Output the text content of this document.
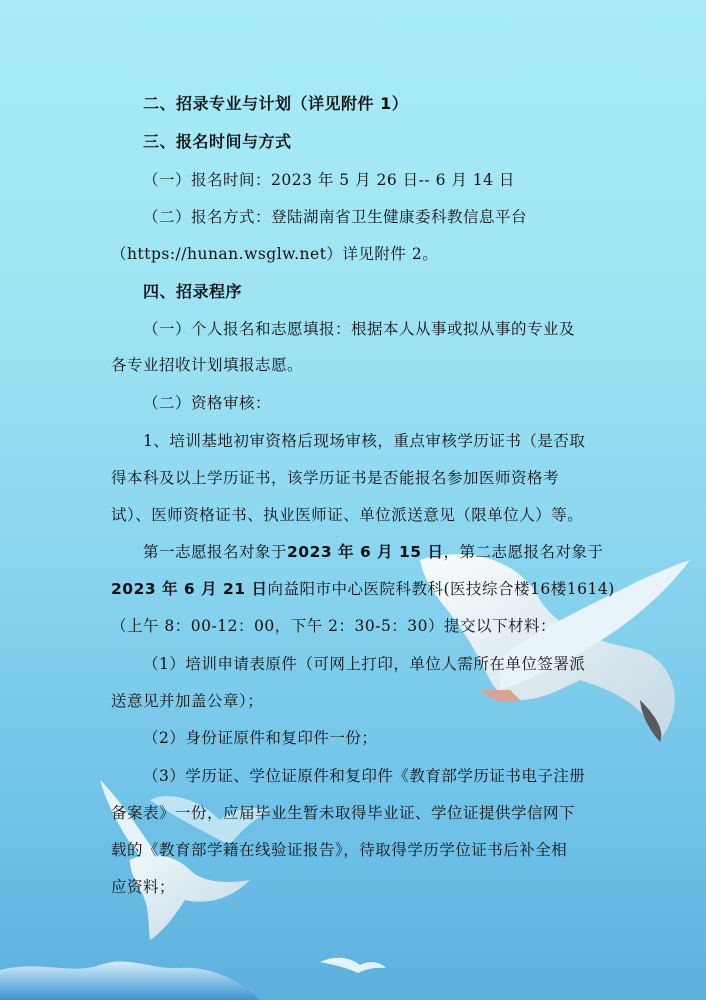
二、招录专业与计划（详见附件 1）
三、报名时间与方式
（一）报名时间：2023 年 5 月 26 日-- 6 月 14 日
（二）报名方式：登陆湖南省卫生健康委科教信息平台
（https://hunan.wsglw.net）详见附件 2。
四、招录程序
（一）个人报名和志愿填报：根据本人从事或拟从事的专业及
各专业招收计划填报志愿。
（二）资格审核：
1、培训基地初审资格后现场审核，重点审核学历证书（是否取
得本科及以上学历证书，该学历证书是否能报名参加医师资格考
试）、医师资格证书、执业医师证、单位派送意见（限单位人）等。
第一志愿报名对象于2023 年 6 月 15 日，第二志愿报名对象于
2023 年 6 月 21 日向益阳市中心医院科教科(医技综合楼16楼1614)
（上午 8：00-12：00，下午 2：30-5：30）提交以下材料：
（1）培训申请表原件（可网上打印，单位人需所在单位签署派
送意见并加盖公章）；
（2）身份证原件和复印件一份；
（3）学历证、学位证原件和复印件《教育部学历证书电子注册
备案表》一份，应届毕业生暂未取得毕业证、学位证提供学信网下
载的《教育部学籍在线验证报告》，待取得学历学位证书后补全相
应资料；
